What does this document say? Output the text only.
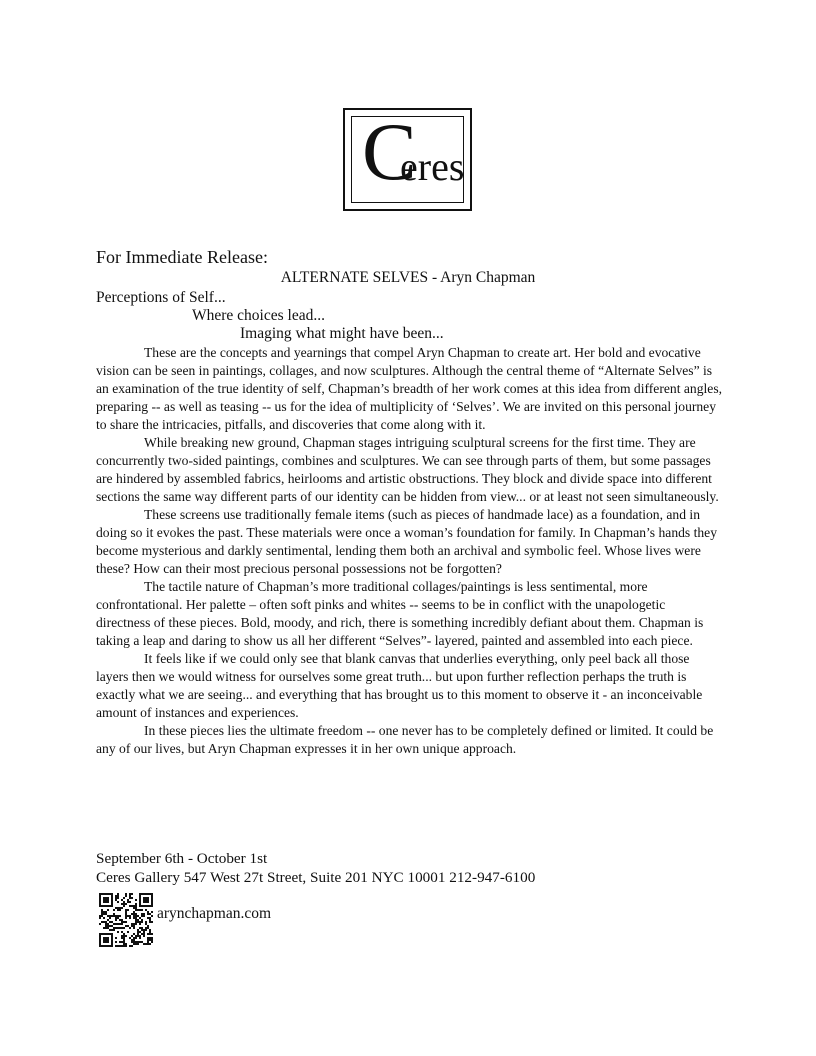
C
eres
For Immediate Release:
ALTERNATE SELVES - Aryn Chapman
Perceptions of Self...
Where choices lead...
Imaging what might have been...

These are the concepts and yearnings that compel Aryn Chapman to create art. Her bold and evocative vision can be seen in paintings, collages, and now sculptures. Although the central theme of “Alternate Selves” is an examination of the true identity of self, Chapman’s breadth of her work comes at this idea from different angles, preparing -- as well as teasing -- us for the idea of multiplicity of ‘Selves’. We are invited on this personal journey to share the intricacies, pitfalls, and discoveries that come along with it.

While breaking new ground, Chapman stages intriguing sculptural screens for the first time. They are concurrently two-sided paintings, combines and sculptures. We can see through parts of them, but some passages are hindered by assembled fabrics, heirlooms and artistic obstructions. They block and divide space into different sections the same way different parts of our identity can be hidden from view... or at least not seen simultaneously.

These screens use traditionally female items (such as pieces of handmade lace) as a foundation, and in doing so it evokes the past. These materials were once a woman’s foundation for family. In Chapman’s hands they become mysterious and darkly sentimental, lending them both an archival and symbolic feel. Whose lives were these? How can their most precious personal possessions not be forgotten?

The tactile nature of Chapman’s more traditional collages/paintings is less sentimental, more confrontational. Her palette – often soft pinks and whites -- seems to be in conflict with the unapologetic directness of these pieces. Bold, moody, and rich, there is something incredibly defiant about them. Chapman is taking a leap and daring to show us all her different “Selves”- layered, painted and assembled into each piece.

It feels like if we could only see that blank canvas that underlies everything, only peel back all those layers then we would witness for ourselves some great truth... but upon further reflection perhaps the truth is exactly what we are seeing... and everything that has brought us to this moment to observe it - an inconceivable amount of instances and experiences.

In these pieces lies the ultimate freedom -- one never has to be completely defined or limited. It could be any of our lives, but Aryn Chapman expresses it in her own unique approach.

September 6th - October 1st
Ceres Gallery 547 West 27t Street, Suite 201 NYC 10001 212-947-6100
arynchapman.com
